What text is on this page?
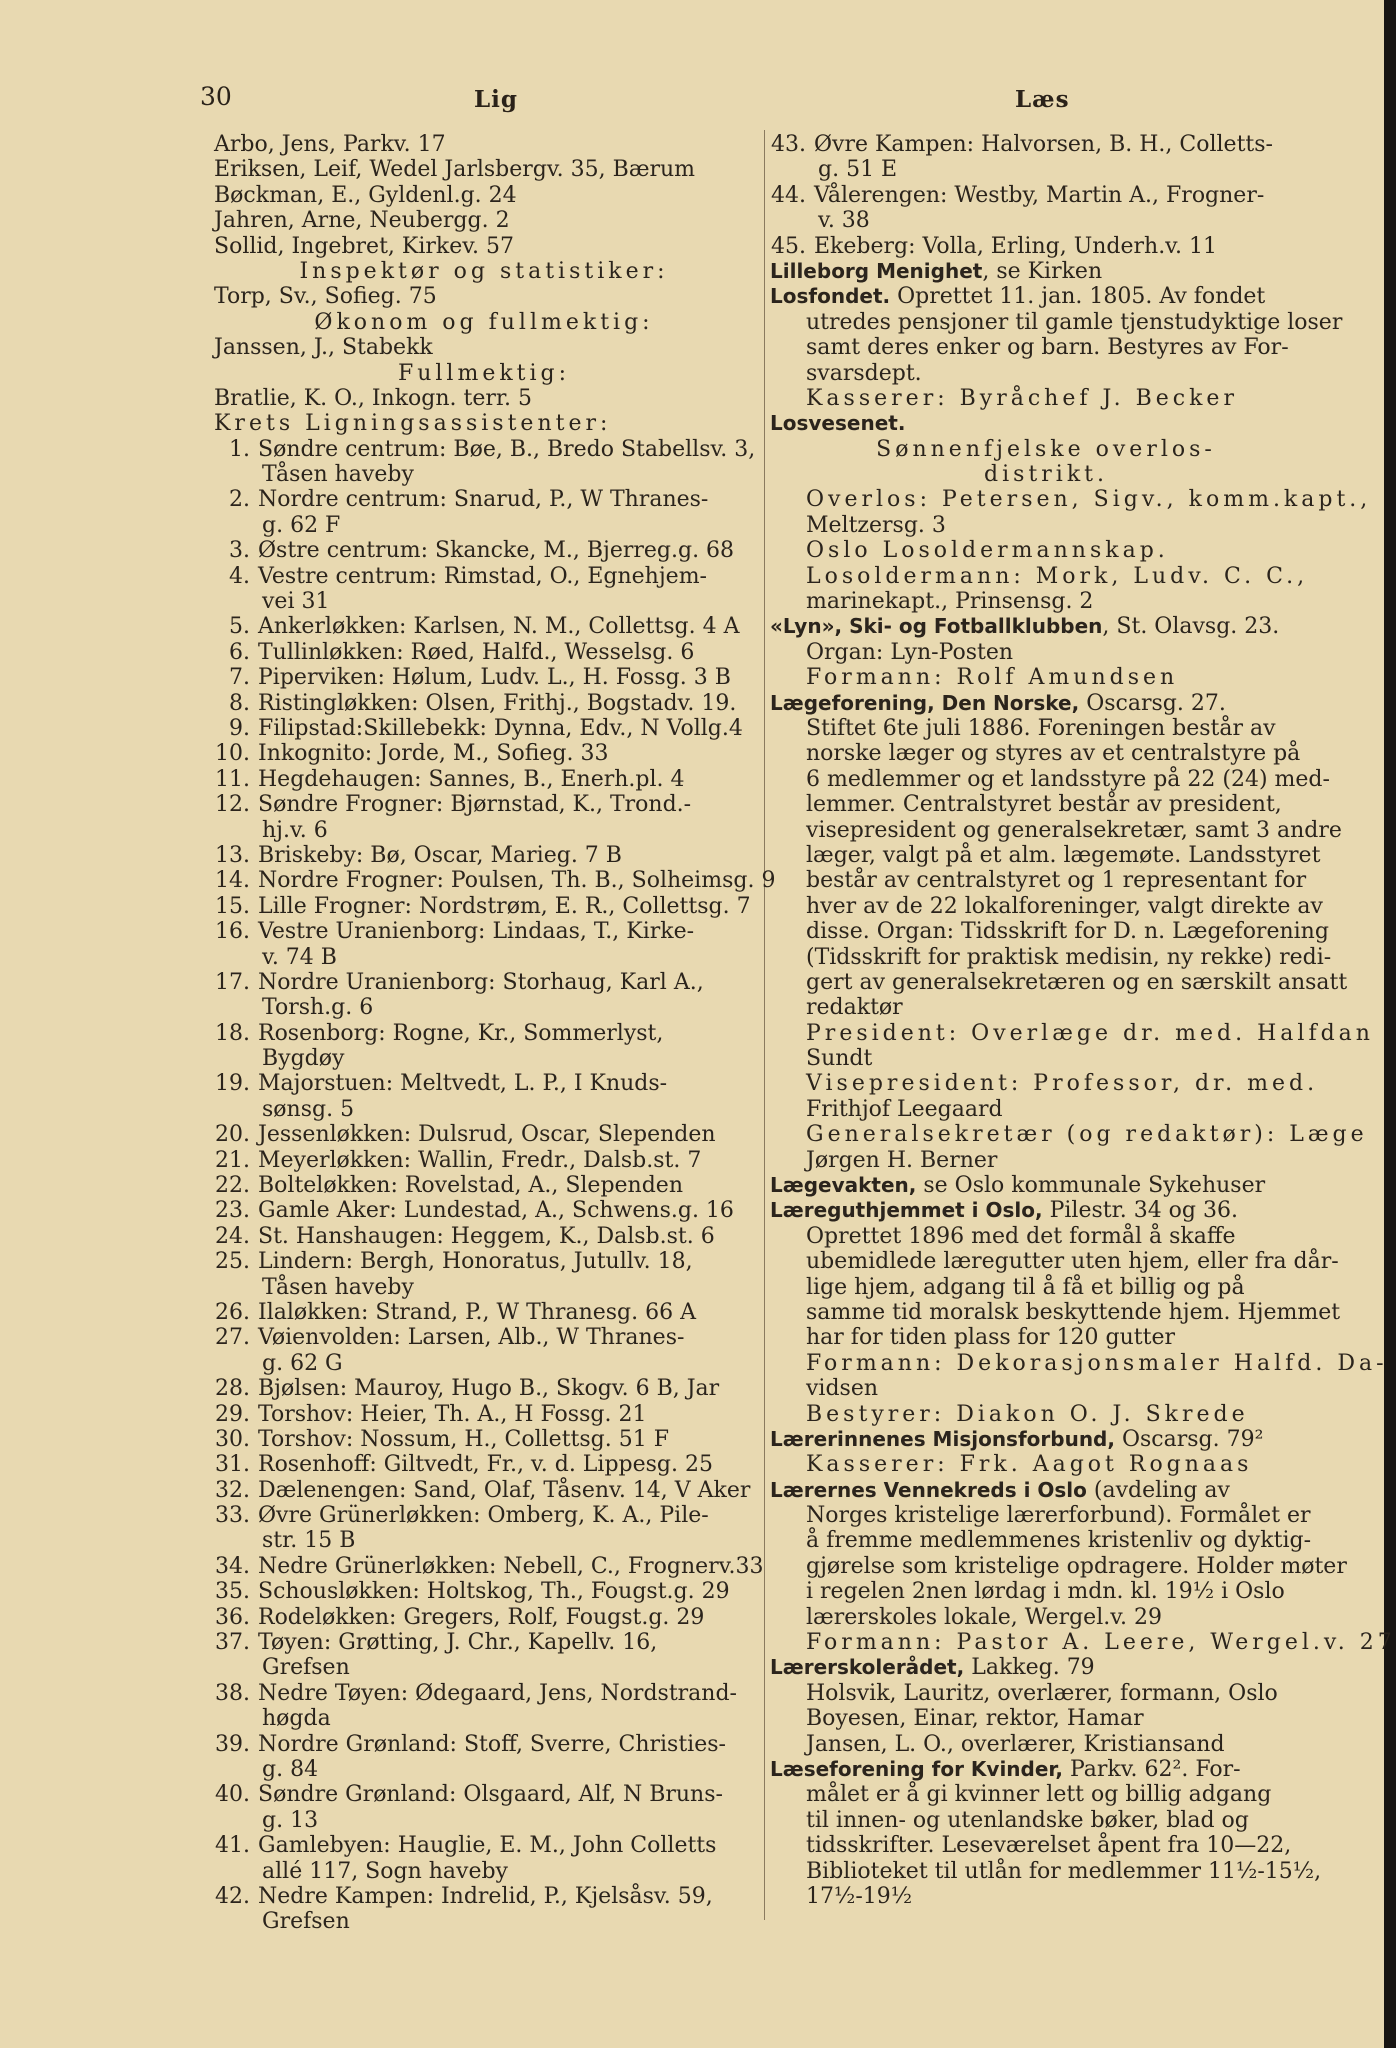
30	Lig	Læs
Arbo, Jens, Parkv. 17
Eriksen, Leif, Wedel Jarlsbergv. 35, Bærum
Bøckman, E., Gyldenl.g. 24
Jahren, Arne, Neubergg. 2
Sollid, Ingebret, Kirkev. 57
Inspektør og statistiker:
Torp, Sv., Sofieg. 75
Økonom og fullmektig:
Janssen, J., Stabekk
Fullmektig:
Bratlie, K. O., Inkogn. terr. 5
Krets Ligningsassistenter:
1. Søndre centrum: Bøe, B., Bredo Stabellsv. 3,
Tåsen haveby
2. Nordre centrum: Snarud, P., W Thranes-
g. 62 F
3. Østre centrum: Skancke, M., Bjerreg.g. 68
4. Vestre centrum: Rimstad, O., Egnehjem-
vei 31
5. Ankerløkken: Karlsen, N. M., Collettsg. 4 A
6. Tullinløkken: Røed, Halfd., Wesselsg. 6
7. Piperviken: Hølum, Ludv. L., H. Fossg. 3 B
8. Ristingløkken: Olsen, Frithj., Bogstadv. 19.
9. Filipstad:Skillebekk: Dynna, Edv., N Vollg.4
10. Inkognito: Jorde, M., Sofieg. 33
11. Hegdehaugen: Sannes, B., Enerh.pl. 4
12. Søndre Frogner: Bjørnstad, K., Trond.-
hj.v. 6
13. Briskeby: Bø, Oscar, Marieg. 7 B
14. Nordre Frogner: Poulsen, Th. B., Solheimsg. 9
15. Lille Frogner: Nordstrøm, E. R., Collettsg. 7
16. Vestre Uranienborg: Lindaas, T., Kirke-
v. 74 B
17. Nordre Uranienborg: Storhaug, Karl A.,
Torsh.g. 6
18. Rosenborg: Rogne, Kr., Sommerlyst,
Bygdøy
19. Majorstuen: Meltvedt, L. P., I Knuds-
sønsg. 5
20. Jessenløkken: Dulsrud, Oscar, Slependen
21. Meyerløkken: Wallin, Fredr., Dalsb.st. 7
22. Bolteløkken: Rovelstad, A., Slependen
23. Gamle Aker: Lundestad, A., Schwens.g. 16
24. St. Hanshaugen: Heggem, K., Dalsb.st. 6
25. Lindern: Bergh, Honoratus, Jutullv. 18,
Tåsen haveby
26. Ilaløkken: Strand, P., W Thranesg. 66 A
27. Vøienvolden: Larsen, Alb., W Thranes-
g. 62 G
28. Bjølsen: Mauroy, Hugo B., Skogv. 6 B, Jar
29. Torshov: Heier, Th. A., H Fossg. 21
30. Torshov: Nossum, H., Collettsg. 51 F
31. Rosenhoff: Giltvedt, Fr., v. d. Lippesg. 25
32. Dælenengen: Sand, Olaf, Tåsenv. 14, V Aker
33. Øvre Grünerløkken: Omberg, K. A., Pile-
str. 15 B
34. Nedre Grünerløkken: Nebell, C., Frognerv.33
35. Schousløkken: Holtskog, Th., Fougst.g. 29
36. Rodeløkken: Gregers, Rolf, Fougst.g. 29
37. Tøyen: Grøtting, J. Chr., Kapellv. 16,
Grefsen
38. Nedre Tøyen: Ødegaard, Jens, Nordstrand-
høgda
39. Nordre Grønland: Stoff, Sverre, Christies-
g. 84
40. Søndre Grønland: Olsgaard, Alf, N Bruns-
g. 13
41. Gamlebyen: Hauglie, E. M., John Colletts
allé 117, Sogn haveby
42. Nedre Kampen: Indrelid, P., Kjelsåsv. 59,
Grefsen
43. Øvre Kampen: Halvorsen, B. H., Colletts-
g. 51 E
44. Vålerengen: Westby, Martin A., Frogner-
v. 38
45. Ekeberg: Volla, Erling, Underh.v. 11
Lilleborg Menighet, se Kirken
Losfondet. Oprettet 11. jan. 1805. Av fondet
utredes pensjoner til gamle tjenstudyktige loser
samt deres enker og barn. Bestyres av For-
svarsdept.
Kasserer: Byråchef J. Becker
Losvesenet.
Sønnenfjelske overlos-
distrikt.
Overlos: Petersen, Sigv., komm.kapt.,
Meltzersg. 3
Oslo Losoldermannskap.
Losoldermann: Mork, Ludv. C. C.,
marinekapt., Prinsensg. 2
«Lyn», Ski- og Fotballklubben, St. Olavsg. 23.
Organ: Lyn-Posten
Formann: Rolf Amundsen
Lægeforening, Den Norske, Oscarsg. 27.
Stiftet 6te juli 1886. Foreningen består av
norske læger og styres av et centralstyre på
6 medlemmer og et landsstyre på 22 (24) med-
lemmer. Centralstyret består av president,
visepresident og generalsekretær, samt 3 andre
læger, valgt på et alm. lægemøte. Landsstyret
består av centralstyret og 1 representant for
hver av de 22 lokalforeninger, valgt direkte av
disse. Organ: Tidsskrift for D. n. Lægeforening
(Tidsskrift for praktisk medisin, ny rekke) redi-
gert av generalsekretæren og en særskilt ansatt
redaktør
President: Overlæge dr. med. Halfdan
Sundt
Visepresident: Professor, dr. med.
Frithjof Leegaard
Generalsekretær (og redaktør): Læge
Jørgen H. Berner
Lægevakten, se Oslo kommunale Sykehuser
Læreguthjemmet i Oslo, Pilestr. 34 og 36.
Oprettet 1896 med det formål å skaffe
ubemidlede læregutter uten hjem, eller fra dår-
lige hjem, adgang til å få et billig og på
samme tid moralsk beskyttende hjem. Hjemmet
har for tiden plass for 120 gutter
Formann: Dekorasjonsmaler Halfd. Da-
vidsen
Bestyrer: Diakon O. J. Skrede
Lærerinnenes Misjonsforbund, Oscarsg. 79²
Kasserer: Frk. Aagot Rognaas
Lærernes Vennekreds i Oslo (avdeling av
Norges kristelige lærerforbund). Formålet er
å fremme medlemmenes kristenliv og dyktig-
gjørelse som kristelige opdragere. Holder møter
i regelen 2nen lørdag i mdn. kl. 19½ i Oslo
lærerskoles lokale, Wergel.v. 29
Formann: Pastor A. Leere, Wergel.v. 27
Lærerskolerådet, Lakkeg. 79
Holsvik, Lauritz, overlærer, formann, Oslo
Boyesen, Einar, rektor, Hamar
Jansen, L. O., overlærer, Kristiansand
Læseforening for Kvinder, Parkv. 62². For-
målet er å gi kvinner lett og billig adgang
til innen- og utenlandske bøker, blad og
tidsskrifter. Leseværelset åpent fra 10—22,
Biblioteket til utlån for medlemmer 11½-15½,
17½-19½
